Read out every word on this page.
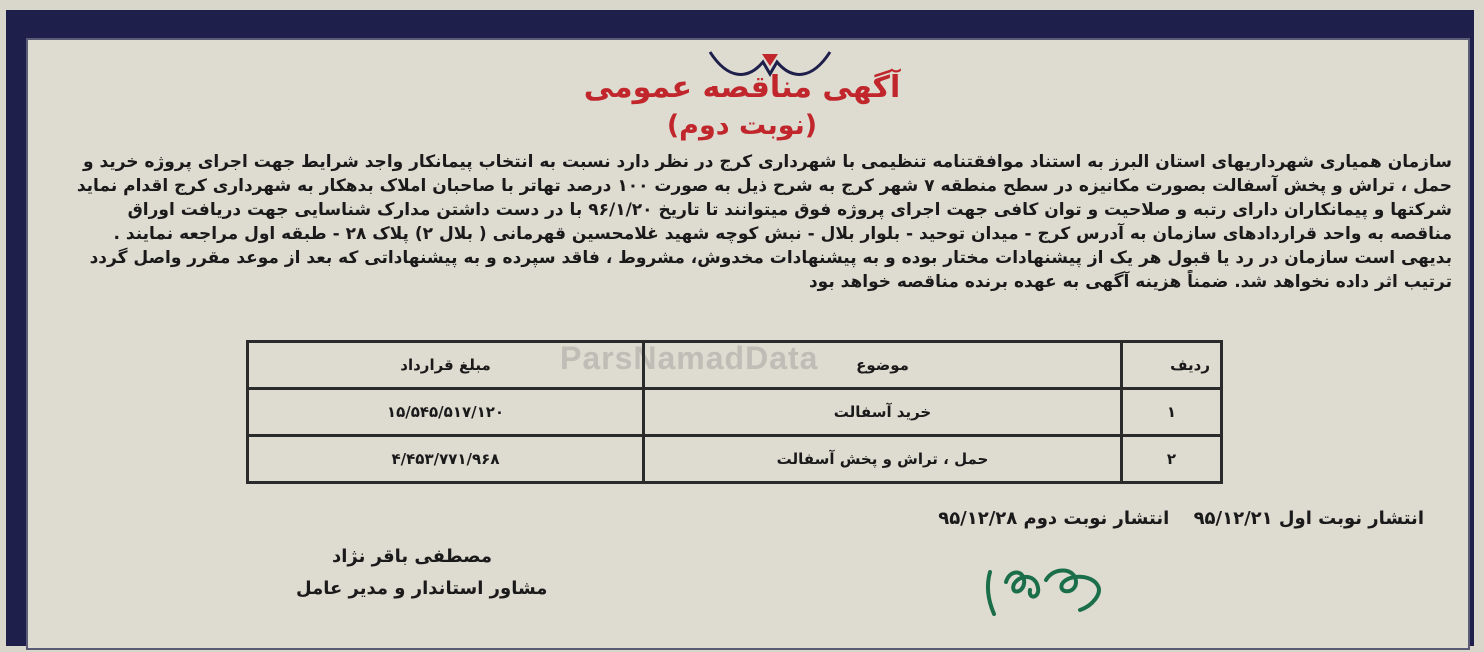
آگهی مناقصه عمومی
(نوبت دوم)
سازمان همیاری شهرداریهای استان البرز به استناد موافقتنامه تنظیمی با شهرداری کرج در نظر دارد نسبت به انتخاب پیمانکار واجد شرایط جهت اجرای پروژه خرید و
حمل ، تراش و پخش آسفالت بصورت مکانیزه در سطح منطقه ۷ شهر کرج به شرح ذیل به صورت ۱۰۰ درصد تهاتر با صاحبان املاک بدهکار به شهرداری کرج اقدام نماید
شرکتها و پیمانکاران دارای رتبه و صلاحیت و توان کافی جهت اجرای پروژه فوق میتوانند تا تاریخ ۹۶/۱/۲۰ با در دست داشتن مدارک شناسایی جهت دریافت اوراق
مناقصه به واحد قراردادهای سازمان به آدرس کرج - میدان توحید - بلوار بلال - نبش کوچه شهید غلامحسین قهرمانی ( بلال ۲) پلاک ۲۸ - طبقه اول مراجعه نمایند .
بدیهی است سازمان در رد یا قبول هر یک از پیشنهادات مختار بوده و به پیشنهادات مخدوش، مشروط ، فاقد سپرده و به پیشنهاداتی که بعد از موعد مقرر واصل گردد
ترتیب اثر داده نخواهد شد. ضمناً هزینه آگهی به عهده برنده مناقصه خواهد بود
ParsNamadData	ردیف	موضوع	مبلغ قرارداد
۱	خرید آسفالت	۱۵/۵۴۵/۵۱۷/۱۲۰
۲	حمل ، تراش و پخش آسفالت	۴/۴۵۳/۷۷۱/۹۶۸
انتشار نوبت اول ۹۵/۱۲/۲۱ انتشار نوبت دوم ۹۵/۱۲/۲۸
مصطفی باقر نژاد
مشاور استاندار و مدیر عامل
